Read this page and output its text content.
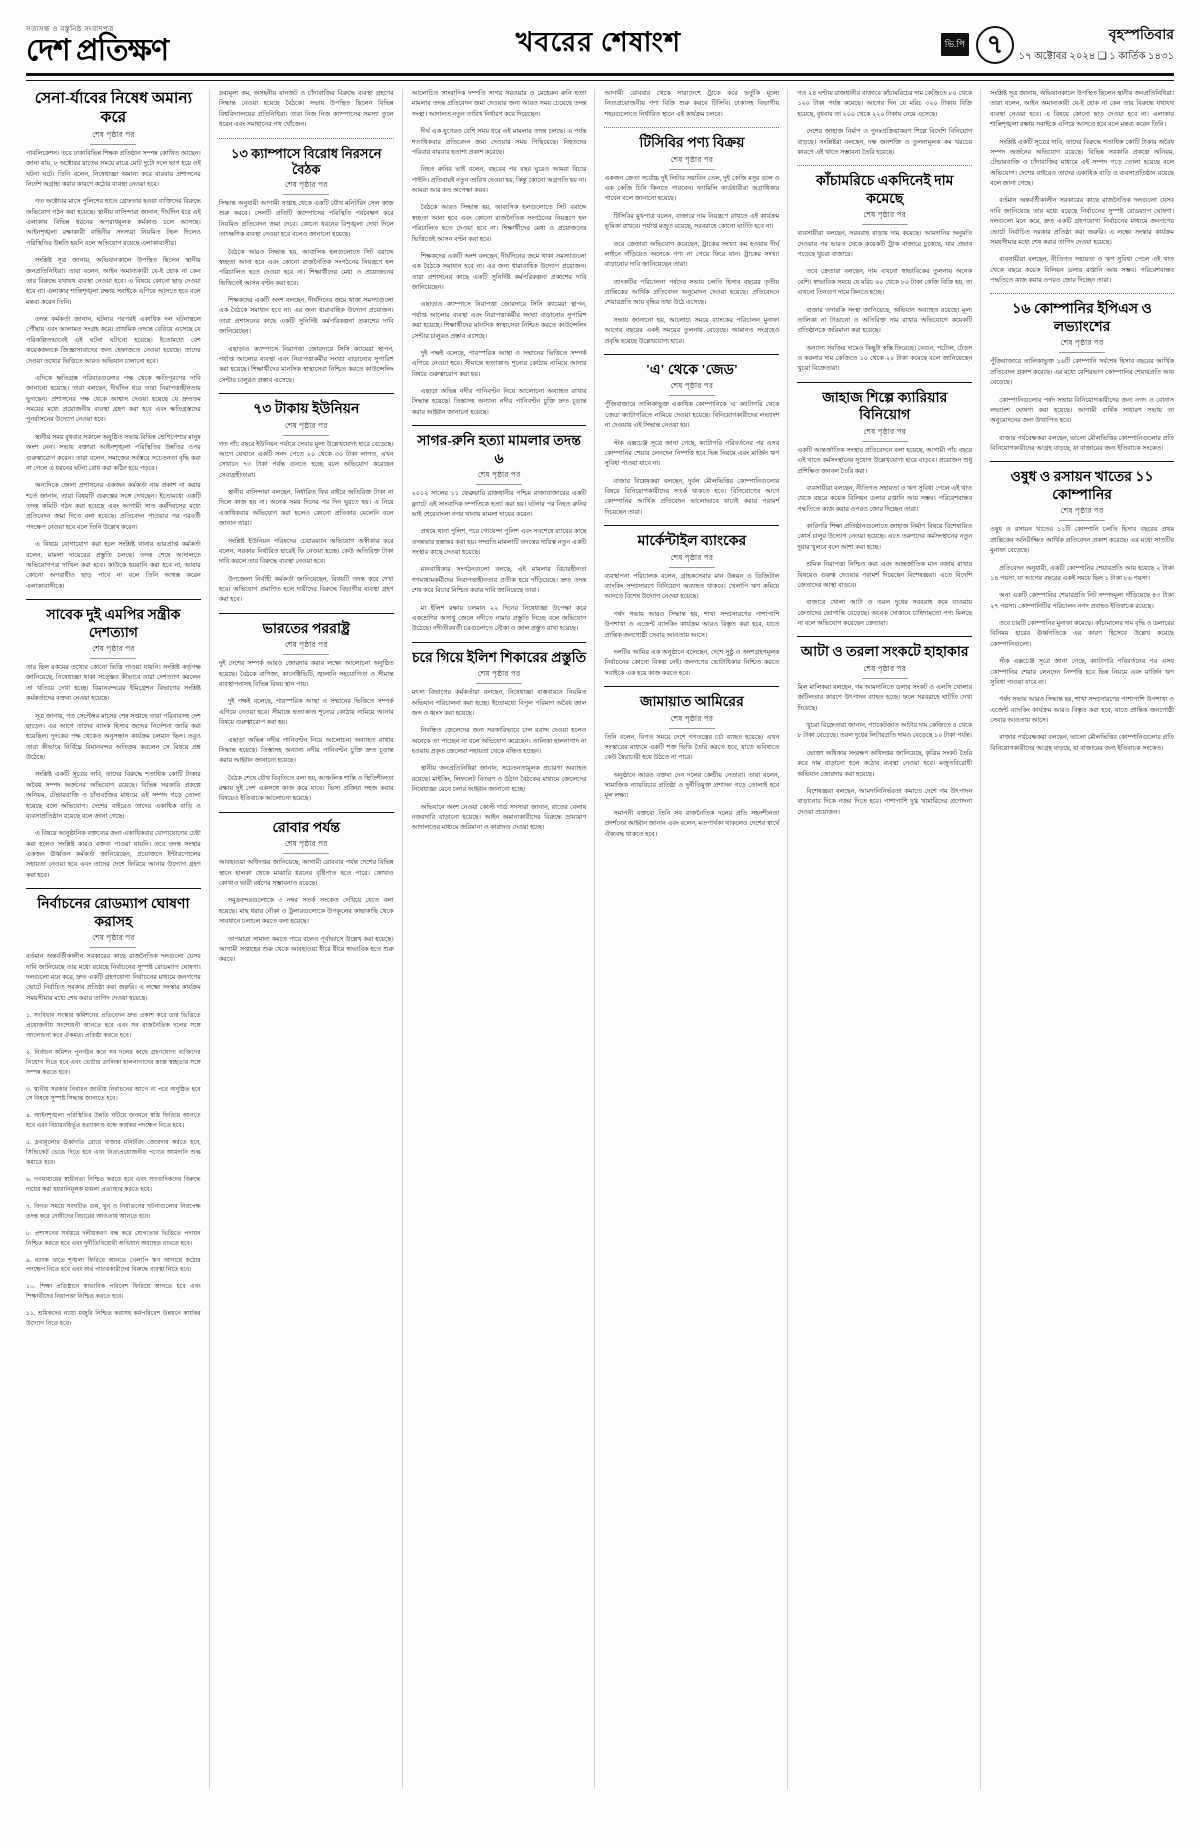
সত্যসন্ধ ও বস্তুনিষ্ঠ সংবাদপত্র
দেশ প্রতিক্ষণ	খবরের শেষাংশ	ভি.পি ৭	বৃহস্পতিবার
১৭ অক্টোবর ২০২৪ ❑ ১ কার্তিক ১৪৩১
সেনা-র্যাবের নিষেধ অমান্য করে
শেষ পৃষ্ঠার পর

পাবলিকেশন। তবে ঢাকাবিভিন্ন শিক্ষক প্রতিষ্ঠান সম্পন্ন কোথিত আছেন। জানা যায়, ৮ অক্টোবর রাতের সময়ে রাত্রে মোট দুটো দলে ভাগ হয়ে ওই ঘটনা ঘটে। তিনি বলেন, নিষেধাজ্ঞা অমান্য করে বারবার প্রশাসনের নির্দেশ অগ্রাহ্য করার কারণে কঠোর ব্যবস্থা নেওয়া হবে।

গত অক্টোবর মাসে পুলিশের হাতে গ্রেফতার হওয়া ব্যক্তিদের বিরুদ্ধে অভিযোগ গঠন করা হয়েছে। স্থানীয় বাসিন্দারা জানান, দীর্ঘদিন ধরে এই এলাকায় বিভিন্ন ধরনের অপরাধমূলক কর্মকাণ্ড চলে আসছে। আইনশৃঙ্খলা রক্ষাকারী বাহিনীর সদস্যরা নিয়মিত টহল দিলেও পরিস্থিতির উন্নতি হয়নি বলে অভিযোগ রয়েছে এলাকাবাসীর।

সংশ্লিষ্ট সূত্র জানায়, অভিযানকালে উপস্থিত ছিলেন স্থানীয় জনপ্রতিনিধিরা। তারা বলেন, আইন অমান্যকারী যে-ই হোক না কেন তার বিরুদ্ধে যথাযথ ব্যবস্থা নেওয়া হবে। এ বিষয়ে কোনো ছাড় দেওয়া হবে না। এলাকার শান্তিশৃঙ্খলা রক্ষায় সবাইকে এগিয়ে আসতে হবে বলে মন্তব্য করেন তিনি।

তদন্ত কর্মকর্তা জানান, ঘটনার পরপরই একাধিক দল ঘটনাস্থলে পৌঁছায় এবং আলামত সংগ্রহ করে। প্রাথমিক তদন্তে বেরিয়ে এসেছে যে পরিকল্পিতভাবেই এই ঘটনা ঘটানো হয়েছে। ইতোমধ্যে বেশ কয়েকজনকে জিজ্ঞাসাবাদের জন্য হেফাজতে নেওয়া হয়েছে। তাদের দেওয়া তথ্যের ভিত্তিতে আরও অভিযান চালানো হবে।

এদিকে ক্ষতিগ্রস্ত পরিবারগুলোর পক্ষ থেকে ক্ষতিপূরণের দাবি জানানো হয়েছে। তারা বলছেন, দীর্ঘদিন ধরে তারা নিরাপত্তাহীনতায় ভুগছেন। প্রশাসনের পক্ষ থেকে আশ্বাস দেওয়া হয়েছে যে দ্রুততম সময়ের মধ্যে প্রয়োজনীয় ব্যবস্থা গ্রহণ করা হবে এবং ক্ষতিগ্রস্তদের পুনর্বাসনের উদ্যোগ নেওয়া হবে।

স্থানীয় সময় বুধবার সকালে অনুষ্ঠিত সভায় বিভিন্ন শ্রেণিপেশার মানুষ অংশ নেন। সভায় বক্তারা আইনশৃঙ্খলা পরিস্থিতির উন্নতির ওপর গুরুত্বারোপ করেন। তারা বলেন, সমাজের সর্বস্তরে সচেতনতা বৃদ্ধি করা না গেলে এ ধরনের ঘটনা রোধ করা কঠিন হয়ে পড়বে।

অন্যদিকে জেলা প্রশাসনের একজন কর্মকর্তা নাম প্রকাশ না করার শর্তে জানান, তারা বিষয়টি গুরুত্বের সঙ্গে দেখছেন। ইতোমধ্যে একটি তদন্ত কমিটি গঠন করা হয়েছে এবং আগামী সাত কর্মদিবসের মধ্যে প্রতিবেদন জমা দিতে বলা হয়েছে। প্রতিবেদন পাওয়ার পর পরবর্তী পদক্ষেপ নেওয়া হবে বলে তিনি উল্লেখ করেন।

এ বিষয়ে যোগাযোগ করা হলে সংশ্লিষ্ট থানার ভারপ্রাপ্ত কর্মকর্তা বলেন, মামলা দায়েরের প্রস্তুতি চলছে। তদন্ত শেষে আদালতে অভিযোগপত্র দাখিল করা হবে। কাউকে হয়রানি করা হবে না, আবার কোনো অপরাধীও ছাড় পাবে না বলে তিনি আশ্বস্ত করেন এলাকাবাসীকে।

সাবেক দুই এমপির সন্ত্রীক দেশত্যাগ
শেষ পৃষ্ঠার পর

তার ছিল রকমের তথ্যের কোনো ভিত্তি পাওয়া যায়নি। সংশ্লিষ্ট কর্তৃপক্ষ জানিয়েছে, নিষেধাজ্ঞা থাকা সত্ত্বেও কীভাবে তারা দেশত্যাগ করলেন তা খতিয়ে দেখা হচ্ছে। বিমানবন্দরের ইমিগ্রেশন বিভাগের সংশ্লিষ্ট কর্মকর্তাদের বক্তব্য নেওয়া হয়েছে।

সূত্র জানায়, গত সেপ্টেম্বর মাসের শেষ সপ্তাহে তারা পরিবারসহ দেশ ছাড়েন। এর আগে তাদের ব্যাংক হিসাব জব্দের নির্দেশনা জারি করা হয়েছিল। দুদকের পক্ষ থেকেও অনুসন্ধান কার্যক্রম চলমান ছিল। তবুও তারা কীভাবে নির্বিঘ্নে বিমানবন্দর অতিক্রম করলেন সে বিষয়ে প্রশ্ন উঠেছে।

সংশ্লিষ্ট একটি সূত্রের দাবি, তাদের বিরুদ্ধে শতাধিক কোটি টাকার অবৈধ সম্পদ অর্জনের অভিযোগ রয়েছে। বিভিন্ন সরকারি প্রকল্পে অনিয়ম, টেন্ডারবাজি ও চাঁদাবাজির মাধ্যমে এই সম্পদ গড়ে তোলা হয়েছে বলে অভিযোগ। দেশের বাইরেও তাদের একাধিক বাড়ি ও ব্যবসাপ্রতিষ্ঠান রয়েছে বলে জানা গেছে।

এ বিষয়ে আনুষ্ঠানিক বক্তব্যের জন্য একাধিকবার যোগাযোগের চেষ্টা করা হলেও সংশ্লিষ্ট কারও বক্তব্য পাওয়া যায়নি। তবে তদন্ত সংস্থার একজন ঊর্ধ্বতন কর্মকর্তা জানিয়েছেন, প্রয়োজনে ইন্টারপোলের সহায়তা নেওয়া হবে এবং তাদের দেশে ফিরিয়ে আনার উদ্যোগ গ্রহণ করা হবে।

নির্বাচনের রোডম্যাপ ঘোষণা করাসহ
শেষ পৃষ্ঠার পর

বর্তমান অন্তর্বর্তীকালীন সরকারের কাছে রাজনৈতিক দলগুলো যেসব দাবি জানিয়েছে তার মধ্যে রয়েছে নির্বাচনের সুস্পষ্ট রোডম্যাপ ঘোষণা। দলগুলো মনে করে, দ্রুত একটি গ্রহণযোগ্য নির্বাচনের মাধ্যমে জনগণের ভোটে নির্বাচিত সরকার প্রতিষ্ঠা করা জরুরি। এ লক্ষ্যে সংস্কার কার্যক্রম সময়সীমার মধ্যে শেষ করার তাগিদ দেওয়া হয়েছে।

১. সংবিধান সংস্কার কমিশনের প্রতিবেদন দ্রুত প্রকাশ করে তার ভিত্তিতে প্রয়োজনীয় সংশোধনী আনতে হবে এবং সব রাজনৈতিক দলের সঙ্গে আলোচনা করে ঐকমত্য প্রতিষ্ঠা করতে হবে।

২. নির্বাচন কমিশন পুনর্গঠন করে সব দলের কাছে গ্রহণযোগ্য ব্যক্তিদের নিয়োগ দিতে হবে এবং ভোটার তালিকা হালনাগাদের কাজ স্বচ্ছতার সঙ্গে সম্পন্ন করতে হবে।

৩. স্থানীয় সরকার নির্বাচন জাতীয় নির্বাচনের আগে না পরে অনুষ্ঠিত হবে সে বিষয়ে সুস্পষ্ট সিদ্ধান্ত জানাতে হবে।

৪. আইনশৃঙ্খলা পরিস্থিতির উন্নতি ঘটিয়ে জনমনে স্বস্তি ফিরিয়ে আনতে হবে এবং বিচারবহির্ভূত হত্যাকাণ্ড বন্ধে কার্যকর পদক্ষেপ নিতে হবে।

৫. দ্রব্যমূল্যের ঊর্ধ্বগতি রোধে বাজার মনিটরিং জোরদার করতে হবে, সিন্ডিকেট ভেঙে দিতে হবে এবং নিত্যপ্রয়োজনীয় পণ্যের আমদানি শুল্ক কমাতে হবে।

৬. গণমাধ্যমের স্বাধীনতা নিশ্চিত করতে হবে এবং সাংবাদিকদের বিরুদ্ধে দায়ের করা হয়রানিমূলক মামলা প্রত্যাহার করতে হবে।

৭. বিগত সময়ে সংঘটিত গুম, খুন ও নির্যাতনের ঘটনাগুলোর নিরপেক্ষ তদন্ত করে দোষীদের বিচারের আওতায় আনতে হবে।

৮. প্রশাসনের সর্বস্তরে দলীয়করণ বন্ধ করে যোগ্যতার ভিত্তিতে পদায়ন নিশ্চিত করতে হবে এবং দুর্নীতিবিরোধী অভিযান অব্যাহত রাখতে হবে।

৯. ব্যাংক খাতে শৃঙ্খলা ফিরিয়ে আনতে খেলাপি ঋণ আদায়ে কঠোর পদক্ষেপ নিতে হবে এবং অর্থ পাচারকারীদের বিরুদ্ধে ব্যবস্থা নিতে হবে।

১০. শিক্ষা প্রতিষ্ঠানে স্বাভাবিক পরিবেশ ফিরিয়ে আনতে হবে এবং শিক্ষার্থীদের নিরাপত্তা নিশ্চিত করতে হবে।

১১. শ্রমিকদের ন্যায্য মজুরি নিশ্চিত করাসহ কর্মপরিবেশ উন্নয়নে কার্যকর উদ্যোগ নিতে হবে।

দ্রব্যমূল্য কম, অসহনীয় যানজট ও চাঁদাবাজির বিরুদ্ধে ব্যবস্থা গ্রহণের সিদ্ধান্ত নেওয়া হয়েছে বৈঠকে। সভায় উপস্থিত ছিলেন বিভিন্ন বিশ্ববিদ্যালয়ের প্রতিনিধিরা। তারা নিজ নিজ ক্যাম্পাসের সমস্যা তুলে ধরেন এবং সমাধানের পথ খোঁজেন।

১৩ ক্যাম্পাসে বিরোধ নিরসনে বৈঠক
শেষ পৃষ্ঠার পর

সিদ্ধান্ত অনুযায়ী আগামী সপ্তাহ থেকে একটি যৌথ মনিটরিং সেল কাজ শুরু করবে। সেলটি প্রতিটি ক্যাম্পাসের পরিস্থিতি পর্যবেক্ষণ করে নিয়মিত প্রতিবেদন জমা দেবে। কোনো ধরনের বিশৃঙ্খলা দেখা দিলে তাৎক্ষণিক ব্যবস্থা নেওয়া হবে বলেও জানানো হয়েছে।

বৈঠকে আরও সিদ্ধান্ত হয়, আবাসিক হলগুলোতে সিট বরাদ্দে স্বচ্ছতা আনা হবে এবং কোনো রাজনৈতিক সংগঠনের নিয়ন্ত্রণে হল পরিচালিত হতে দেওয়া হবে না। শিক্ষার্থীদের মেধা ও প্রয়োজনের ভিত্তিতেই আসন বণ্টন করা হবে।

শিক্ষকদের একটি অংশ বলছেন, দীর্ঘদিনের জমে থাকা সমস্যাগুলো এক বৈঠকে সমাধান হবে না। এর জন্য ধারাবাহিক উদ্যোগ প্রয়োজন। তারা প্রশাসনের কাছে একটি সুনির্দিষ্ট কর্মপরিকল্পনা প্রকাশের দাবি জানিয়েছেন।

এছাড়াও ক্যাম্পাসে নিরাপত্তা জোরদারে সিসি ক্যামেরা স্থাপন, পর্যাপ্ত আলোর ব্যবস্থা এবং নিরাপত্তাকর্মীর সংখ্যা বাড়ানোর সুপারিশ করা হয়েছে। শিক্ষার্থীদের মানসিক স্বাস্থ্যসেবা নিশ্চিত করতে কাউন্সেলিং সেন্টার চালুরও প্রস্তাব এসেছে।

৭৩ টাকায় ইউনিয়ন
শেষ পৃষ্ঠার পর

গত পাঁচ বছরে ইউনিয়ন পর্যায়ে সেবার মূল্য উল্লেখযোগ্য হারে বেড়েছে। আগে যেখানে একটি সনদ পেতে ২০ থেকে ৩০ টাকা লাগত, এখন সেখানে ৭৩ টাকা পর্যন্ত গুনতে হচ্ছে বলে অভিযোগ করেছেন সেবাগ্রহীতারা।

স্থানীয় বাসিন্দারা বলছেন, নির্ধারিত ফির বাইরে অতিরিক্ত টাকা না দিলে কাজ হয় না। অনেক সময় দিনের পর দিন ঘুরতে হয়। এ নিয়ে একাধিকবার অভিযোগ করা হলেও কোনো প্রতিকার মেলেনি বলে জানান তারা।

সংশ্লিষ্ট ইউনিয়ন পরিষদের চেয়ারম্যান অভিযোগ অস্বীকার করে বলেন, সরকার নির্ধারিত হারেই ফি নেওয়া হচ্ছে। কেউ অতিরিক্ত টাকা দাবি করলে তার বিরুদ্ধে ব্যবস্থা নেওয়া হবে।

উপজেলা নির্বাহী কর্মকর্তা জানিয়েছেন, বিষয়টি তদন্ত করে দেখা হবে। অভিযোগ প্রমাণিত হলে দায়ীদের বিরুদ্ধে বিভাগীয় ব্যবস্থা গ্রহণ করা হবে।

ভারতের পররাষ্ট্র
শেষ পৃষ্ঠার পর

দুই দেশের সম্পর্ক আরও জোরদার করার লক্ষ্যে আলোচনা অনুষ্ঠিত হয়েছে। বৈঠকে বাণিজ্য, কানেক্টিভিটি, জ্বালানি সহযোগিতা ও সীমান্ত ব্যবস্থাপনাসহ বিভিন্ন বিষয় স্থান পায়।

দুই পক্ষই বলেছে, পারস্পরিক আস্থা ও সম্মানের ভিত্তিতে সম্পর্ক এগিয়ে নেওয়া হবে। সীমান্তে হত্যাকাণ্ড শূন্যের কোঠায় নামিয়ে আনার বিষয়ে গুরুত্বারোপ করা হয়।

এছাড়া অভিন্ন নদীর পানিবণ্টন নিয়ে আলোচনা অব্যাহত রাখার সিদ্ধান্ত হয়েছে। তিস্তাসহ অন্যান্য নদীর পানিবণ্টন চুক্তি দ্রুত চূড়ান্ত করার আহ্বান জানানো হয়েছে।

বৈঠক শেষে যৌথ বিবৃতিতে বলা হয়, আঞ্চলিক শান্তি ও স্থিতিশীলতা রক্ষায় দুই দেশ একসঙ্গে কাজ করে যাবে। ভিসা প্রক্রিয়া সহজ করার বিষয়েও ইতিবাচক আলোচনা হয়েছে।

রোবার পর্যন্ত
শেষ পৃষ্ঠার পর

আবহাওয়া অধিদপ্তর জানিয়েছে, আগামী রোববার পর্যন্ত দেশের বিভিন্ন স্থানে হালকা থেকে মাঝারি ধরনের বৃষ্টিপাত হতে পারে। কোথাও কোথাও ভারী বর্ষণের সম্ভাবনাও রয়েছে।

সমুদ্রবন্দরগুলোকে ৩ নম্বর সতর্ক সংকেত দেখিয়ে যেতে বলা হয়েছে। মাছ ধরার নৌকা ও ট্রলারগুলোকে উপকূলের কাছাকাছি থেকে সাবধানে চলাচল করতে বলা হয়েছে।

তাপমাত্রা সামান্য কমতে পারে বলেও পূর্বাভাসে উল্লেখ করা হয়েছে। আগামী সপ্তাহের শুরু থেকে আবহাওয়া ধীরে ধীরে স্বাভাবিক হতে শুরু করবে।

আলোচিত সাংবাদিক দম্পতি সাগর সরওয়ার ও মেহেরুন রুনি হত্যা মামলার তদন্ত প্রতিবেদন জমা দেওয়ার জন্য আরও সময় চেয়েছে তদন্ত সংস্থা। আদালত নতুন তারিখ নির্ধারণ করে দিয়েছেন।

দীর্ঘ এক যুগেরও বেশি সময় ধরে এই মামলার তদন্ত চলছে। এ পর্যন্ত শতাধিকবার প্রতিবেদন জমা দেওয়ার সময় পিছিয়েছে। নিহতদের পরিবার বারবার হতাশা প্রকাশ করেছে।

নিহত রুনির ভাই বলেন, বছরের পর বছর ঘুরেও আমরা বিচার পাইনি। প্রতিবারই নতুন তারিখ দেওয়া হয়, কিন্তু কোনো অগ্রগতি হয় না। আমরা আর কত অপেক্ষা করব।

বৈঠকে আরও সিদ্ধান্ত হয়, আবাসিক হলগুলোতে সিট বরাদ্দে স্বচ্ছতা আনা হবে এবং কোনো রাজনৈতিক সংগঠনের নিয়ন্ত্রণে হল পরিচালিত হতে দেওয়া হবে না। শিক্ষার্থীদের মেধা ও প্রয়োজনের ভিত্তিতেই আসন বণ্টন করা হবে।

শিক্ষকদের একটি অংশ বলছেন, দীর্ঘদিনের জমে থাকা সমস্যাগুলো এক বৈঠকে সমাধান হবে না। এর জন্য ধারাবাহিক উদ্যোগ প্রয়োজন। তারা প্রশাসনের কাছে একটি সুনির্দিষ্ট কর্মপরিকল্পনা প্রকাশের দাবি জানিয়েছেন।

এছাড়াও ক্যাম্পাসে নিরাপত্তা জোরদারে সিসি ক্যামেরা স্থাপন, পর্যাপ্ত আলোর ব্যবস্থা এবং নিরাপত্তাকর্মীর সংখ্যা বাড়ানোর সুপারিশ করা হয়েছে। শিক্ষার্থীদের মানসিক স্বাস্থ্যসেবা নিশ্চিত করতে কাউন্সেলিং সেন্টার চালুরও প্রস্তাব এসেছে।

দুই পক্ষই বলেছে, পারস্পরিক আস্থা ও সম্মানের ভিত্তিতে সম্পর্ক এগিয়ে নেওয়া হবে। সীমান্তে হত্যাকাণ্ড শূন্যের কোঠায় নামিয়ে আনার বিষয়ে গুরুত্বারোপ করা হয়।

এছাড়া অভিন্ন নদীর পানিবণ্টন নিয়ে আলোচনা অব্যাহত রাখার সিদ্ধান্ত হয়েছে। তিস্তাসহ অন্যান্য নদীর পানিবণ্টন চুক্তি দ্রুত চূড়ান্ত করার আহ্বান জানানো হয়েছে।

সাগর-রুনি হত্যা মামলার তদন্ত ৬
শেষ পৃষ্ঠার পর

২০১২ সালের ১১ ফেব্রুয়ারি রাজধানীর পশ্চিম রাজাবাজারের একটি ফ্ল্যাটে এই সাংবাদিক দম্পতিকে হত্যা করা হয়। ঘটনার পর নিহত রুনির ভাই শেরেবাংলা নগর থানায় মামলা দায়ের করেন।

প্রথমে থানা পুলিশ, পরে গোয়েন্দা পুলিশ এবং সবশেষে র‍্যাবের কাছে তদন্তভার হস্তান্তর করা হয়। সম্প্রতি মামলাটি তদন্তের দায়িত্ব নতুন একটি সংস্থার কাছে দেওয়া হয়েছে।

মানবাধিকার সংগঠনগুলো বলছে, এই মামলার বিচারহীনতা গণমাধ্যমকর্মীদের নিরাপত্তাহীনতার প্রতীক হয়ে দাঁড়িয়েছে। দ্রুত তদন্ত শেষ করে বিচার নিশ্চিত করার দাবি জানিয়েছে তারা।

মা ইলিশ রক্ষায় চলমান ২২ দিনের নিষেধাজ্ঞা উপেক্ষা করে একশ্রেণির অসাধু জেলে নদীতে নামার প্রস্তুতি নিচ্ছে বলে অভিযোগ উঠেছে। নদীতীরবর্তী চরগুলোতে নৌকা ও জাল প্রস্তুত রাখা হয়েছে।

চরে গিয়ে ইলিশ শিকারের প্রস্তুতি
শেষ পৃষ্ঠার পর

মৎস্য বিভাগের কর্মকর্তারা বলছেন, নিষেধাজ্ঞা বাস্তবায়নে নিয়মিত অভিযান পরিচালনা করা হচ্ছে। ইতোমধ্যে বিপুল পরিমাণ অবৈধ জাল জব্দ ও ধ্বংস করা হয়েছে।

নিবন্ধিত জেলেদের জন্য সরকারিভাবে চাল বরাদ্দ দেওয়া হলেও অনেকে তা পাচ্ছেন না বলে অভিযোগ করেছেন। তালিকা হালনাগাদ না হওয়ায় প্রকৃত জেলেরা সহায়তা থেকে বঞ্চিত হচ্ছেন।

স্থানীয় জনপ্রতিনিধিরা জানান, সচেতনতামূলক প্রচারণা অব্যাহত রয়েছে। মাইকিং, লিফলেট বিতরণ ও উঠান বৈঠকের মাধ্যমে জেলেদের নিষেধাজ্ঞা মেনে চলার আহ্বান জানানো হচ্ছে।

অভিযানে অংশ নেওয়া কোস্ট গার্ড সদস্যরা জানান, রাতের বেলায় নজরদারি বাড়ানো হয়েছে। আইন অমান্যকারীদের বিরুদ্ধে ভ্রাম্যমাণ আদালতের মাধ্যমে জরিমানা ও কারাদণ্ড দেওয়া হচ্ছে।

আগামী রোববার থেকে সারাদেশে ট্রাকে করে ভর্তুকি মূল্যে নিত্যপ্রয়োজনীয় পণ্য বিক্রি শুরু করবে টিসিবি। ঢাকাসহ বিভাগীয় শহরগুলোতে নির্ধারিত স্থানে এই কার্যক্রম চলবে।

টিসিবির পণ্য বিক্রয়
শেষ পৃষ্ঠার পর

একজন ক্রেতা সর্বোচ্চ দুই লিটার সয়াবিন তেল, দুই কেজি মসুর ডাল ও এক কেজি চিনি কিনতে পারবেন। ফ্যামিলি কার্ডধারীরা অগ্রাধিকার পাবেন বলে জানানো হয়েছে।

টিসিবির মুখপাত্র বলেন, বাজারে দাম নিয়ন্ত্রণে রাখতে এই কার্যক্রম ভূমিকা রাখবে। পর্যাপ্ত মজুত রয়েছে, সরবরাহে কোনো ঘাটতি হবে না।

তবে ক্রেতারা অভিযোগ করেছেন, ট্রাকের সংখ্যা কম হওয়ায় দীর্ঘ লাইনে দাঁড়িয়েও অনেকে পণ্য না পেয়ে ফিরে যান। ট্রাকের সংখ্যা বাড়ানোর দাবি জানিয়েছেন তারা।

ব্যাংকটির পরিচালনা পর্ষদের সভায় চলতি হিসাব বছরের তৃতীয় প্রান্তিকের আর্থিক প্রতিবেদন অনুমোদন দেওয়া হয়েছে। প্রতিবেদনে শেয়ারপ্রতি আয় বৃদ্ধির তথ্য উঠে এসেছে।

সভায় জানানো হয়, আলোচ্য সময়ে ব্যাংকের পরিচালন মুনাফা আগের বছরের একই সময়ের তুলনায় বেড়েছে। আমানত সংগ্রহেও প্রবৃদ্ধি হয়েছে উল্লেখযোগ্য হারে।

'এ' থেকে 'জেড'
শেষ পৃষ্ঠার পর

পুঁজিবাজারে তালিকাভুক্ত একাধিক কোম্পানিকে 'এ' ক্যাটাগরি থেকে 'জেড' ক্যাটাগরিতে নামিয়ে দেওয়া হয়েছে। বিনিয়োগকারীদের লভ্যাংশ না দেওয়ায় এই সিদ্ধান্ত নেওয়া হয়।

স্টক এক্সচেঞ্জ সূত্রে জানা গেছে, ক্যাটাগরি পরিবর্তনের পর এসব কোম্পানির শেয়ার লেনদেন নিষ্পত্তি হবে ভিন্ন নিয়মে এবং মার্জিন ঋণ সুবিধা পাওয়া যাবে না।

বাজার বিশ্লেষকরা বলছেন, দুর্বল মৌলভিত্তির কোম্পানিগুলোর বিষয়ে বিনিয়োগকারীদের সতর্ক থাকতে হবে। বিনিয়োগের আগে কোম্পানির আর্থিক প্রতিবেদন ভালোভাবে যাচাই করার পরামর্শ দিয়েছেন তারা।

মার্কেন্টাইল ব্যাংকের
শেষ পৃষ্ঠার পর

ব্যবস্থাপনা পরিচালক বলেন, গ্রাহকসেবার মান উন্নয়ন ও ডিজিটাল ব্যাংকিং সম্প্রসারণে বিনিয়োগ অব্যাহত থাকবে। খেলাপি ঋণ কমিয়ে আনতে বিশেষ উদ্যোগ নেওয়া হয়েছে।

পর্ষদ সভায় আরও সিদ্ধান্ত হয়, শাখা সম্প্রসারণের পাশাপাশি উপশাখা ও এজেন্ট ব্যাংকিং কার্যক্রম আরও বিস্তৃত করা হবে, যাতে প্রান্তিক জনগোষ্ঠী সেবার আওতায় আসে।

দলটির আমির এক অনুষ্ঠানে বলেছেন, দেশে সুষ্ঠু ও অংশগ্রহণমূলক নির্বাচনের কোনো বিকল্প নেই। জনগণের ভোটাধিকার নিশ্চিত করতে সবাইকে এক হয়ে কাজ করতে হবে।

জামায়াত আমিরের
শেষ পৃষ্ঠার পর

তিনি বলেন, বিগত সময়ে দেশে গণতন্ত্রের চর্চা ব্যাহত হয়েছে। এখন সংস্কারের মাধ্যমে একটি শক্ত ভিত্তি তৈরি করতে হবে, যাতে ভবিষ্যতে কেউ স্বৈরাচারী হয়ে উঠতে না পারে।

অনুষ্ঠানে আরও বক্তব্য দেন দলের কেন্দ্রীয় নেতারা। তারা বলেন, সামাজিক ন্যায়বিচার প্রতিষ্ঠা ও দুর্নীতিমুক্ত প্রশাসন গড়ে তোলাই হবে মূল লক্ষ্য।

সমাপনী বক্তব্যে তিনি সব রাজনৈতিক দলের প্রতি সহনশীলতা প্রদর্শনের আহ্বান জানান এবং বলেন, মতপার্থক্য থাকলেও দেশের স্বার্থে ঐক্যবদ্ধ থাকতে হবে।

গত ২৪ ঘণ্টায় রাজধানীর বাজারে কাঁচামরিচের দাম কেজিতে ৮০ থেকে ১২০ টাকা পর্যন্ত কমেছে। আগের দিন যে মরিচ ৩২০ টাকায় বিক্রি হয়েছে, বুধবার তা ২০০ থেকে ২২০ টাকায় নেমে এসেছে।

দেশের জাহাজ নির্মাণ ও পুনঃপ্রক্রিয়াকরণ শিল্পে বিদেশি বিনিয়োগ বাড়ছে। সংশ্লিষ্টরা বলছেন, দক্ষ জনশক্তি ও তুলনামূলক কম খরচের কারণে এই খাতে সম্ভাবনা তৈরি হয়েছে।

কাঁচামরিচে একদিনেই দাম কমেছে
শেষ পৃষ্ঠার পর

ব্যবসায়ীরা বলছেন, সরবরাহ বাড়ায় দাম কমেছে। আমদানির অনুমতি দেওয়ার পর ভারত থেকে কয়েকটি ট্রাক বাজারে ঢুকেছে, যার প্রভাব পড়েছে খুচরা বাজারে।

তবে ক্রেতারা বলছেন, দাম এখনো স্বাভাবিকের তুলনায় অনেক বেশি। স্বাভাবিক সময়ে যে মরিচ ৬০ থেকে ৮০ টাকা কেজি বিক্রি হয়, তা এখনো তিনগুণ দামে কিনতে হচ্ছে।

বাজার তদারকি সংস্থা জানিয়েছে, অভিযান অব্যাহত রয়েছে। মূল্য তালিকা না টাঙানো ও অতিরিক্ত দাম রাখার অভিযোগে কয়েকটি প্রতিষ্ঠানকে জরিমানা করা হয়েছে।

অন্যান্য সবজির দামেও কিছুটা স্বস্তি ফিরেছে। বেগুন, পটোল, ঢেঁড়স ও করলার দাম কেজিতে ১০ থেকে ২০ টাকা কমেছে বলে জানিয়েছেন খুচরা বিক্রেতারা।

জাহাজ শিল্পে ক্যারিয়ার বিনিয়োগ
শেষ পৃষ্ঠার পর

একটি আন্তর্জাতিক সংস্থার প্রতিবেদনে বলা হয়েছে, আগামী পাঁচ বছরে এই খাতে কর্মসংস্থানের সুযোগ উল্লেখযোগ্য হারে বাড়বে। প্রয়োজন শুধু প্রশিক্ষিত জনবল তৈরি করা।

ব্যবসায়ীরা বলছেন, নীতিগত সহায়তা ও ঋণ সুবিধা পেলে এই খাত থেকে বছরে কয়েক বিলিয়ন ডলার রপ্তানি আয় সম্ভব। পরিবেশবান্ধব পদ্ধতিতে কাজ করার ওপরও জোর দিচ্ছেন তারা।

কারিগরি শিক্ষা প্রতিষ্ঠানগুলোতে জাহাজ নির্মাণ বিষয়ে বিশেষায়িত কোর্স চালুর উদ্যোগ নেওয়া হয়েছে। এতে তরুণদের কর্মসংস্থানের নতুন দুয়ার খুলবে বলে আশা করা হচ্ছে।

শ্রমিক নিরাপত্তা নিশ্চিত করা এবং আন্তর্জাতিক মান বজায় রাখার বিষয়েও গুরুত্ব দেওয়ার পরামর্শ দিয়েছেন বিশেষজ্ঞরা। এতে বিদেশি ক্রেতাদের আস্থা বাড়বে।

বাজারে খোলা আটা ও তরল দুধের সরবরাহ কমে যাওয়ায় ক্রেতাদের ভোগান্তি বেড়েছে। অনেক দোকানে চাহিদামতো পণ্য মিলছে না বলে অভিযোগ করেছেন ক্রেতারা।

আটা ও তরলা সংকটে হাহাকার
শেষ পৃষ্ঠার পর

মিল মালিকরা বলছেন, গম আমদানিতে ডলার সংকট ও এলসি খোলার জটিলতার কারণে উৎপাদন ব্যাহত হচ্ছে। ফলে সরবরাহে ঘাটতি দেখা দিয়েছে।

খুচরা বিক্রেতারা জানান, প্যাকেটজাত আটার দাম কেজিতে ৫ থেকে ৮ টাকা বেড়েছে। তরল দুধের লিটারপ্রতি দামও বেড়েছে ১০ টাকা পর্যন্ত।

ভোক্তা অধিকার সংরক্ষণ অধিদপ্তর জানিয়েছে, কৃত্রিম সংকট তৈরি করে দাম বাড়ানো হলে কঠোর ব্যবস্থা নেওয়া হবে। মজুতবিরোধী অভিযান জোরদার করা হয়েছে।

বিশেষজ্ঞরা বলছেন, আমদানিনির্ভরতা কমাতে দেশে গম উৎপাদন বাড়ানোর দিকে নজর দিতে হবে। পাশাপাশি দুগ্ধ খামারিদের প্রণোদনা দেওয়া প্রয়োজন।

সংশ্লিষ্ট সূত্র জানায়, অভিযানকালে উপস্থিত ছিলেন স্থানীয় জনপ্রতিনিধিরা। তারা বলেন, আইন অমান্যকারী যে-ই হোক না কেন তার বিরুদ্ধে যথাযথ ব্যবস্থা নেওয়া হবে। এ বিষয়ে কোনো ছাড় দেওয়া হবে না। এলাকার শান্তিশৃঙ্খলা রক্ষায় সবাইকে এগিয়ে আসতে হবে বলে মন্তব্য করেন তিনি।

সংশ্লিষ্ট একটি সূত্রের দাবি, তাদের বিরুদ্ধে শতাধিক কোটি টাকার অবৈধ সম্পদ অর্জনের অভিযোগ রয়েছে। বিভিন্ন সরকারি প্রকল্পে অনিয়ম, টেন্ডারবাজি ও চাঁদাবাজির মাধ্যমে এই সম্পদ গড়ে তোলা হয়েছে বলে অভিযোগ। দেশের বাইরেও তাদের একাধিক বাড়ি ও ব্যবসাপ্রতিষ্ঠান রয়েছে বলে জানা গেছে।

বর্তমান অন্তর্বর্তীকালীন সরকারের কাছে রাজনৈতিক দলগুলো যেসব দাবি জানিয়েছে তার মধ্যে রয়েছে নির্বাচনের সুস্পষ্ট রোডম্যাপ ঘোষণা। দলগুলো মনে করে, দ্রুত একটি গ্রহণযোগ্য নির্বাচনের মাধ্যমে জনগণের ভোটে নির্বাচিত সরকার প্রতিষ্ঠা করা জরুরি। এ লক্ষ্যে সংস্কার কার্যক্রম সময়সীমার মধ্যে শেষ করার তাগিদ দেওয়া হয়েছে।

ব্যবসায়ীরা বলছেন, নীতিগত সহায়তা ও ঋণ সুবিধা পেলে এই খাত থেকে বছরে কয়েক বিলিয়ন ডলার রপ্তানি আয় সম্ভব। পরিবেশবান্ধব পদ্ধতিতে কাজ করার ওপরও জোর দিচ্ছেন তারা।

১৬ কোম্পানির ইপিএস ও লভ্যাংশের
শেষ পৃষ্ঠার পর

পুঁজিবাজারে তালিকাভুক্ত ১৬টি কোম্পানি সর্বশেষ হিসাব বছরের আর্থিক প্রতিবেদন প্রকাশ করেছে। এর মধ্যে বেশিরভাগ কোম্পানির শেয়ারপ্রতি আয় বেড়েছে।

কোম্পানিগুলোর পর্ষদ সভায় বিনিয়োগকারীদের জন্য নগদ ও বোনাস লভ্যাংশ ঘোষণা করা হয়েছে। আগামী বার্ষিক সাধারণ সভায় তা অনুমোদনের জন্য উত্থাপিত হবে।

বাজার পর্যবেক্ষকরা বলছেন, ভালো মৌলভিত্তির কোম্পানিগুলোর প্রতি বিনিয়োগকারীদের আগ্রহ বাড়ছে, যা বাজারের জন্য ইতিবাচক সংকেত।

ওষুধ ও রসায়ন খাতের ১১ কোম্পানির
শেষ পৃষ্ঠার পর

ওষুধ ও রসায়ন খাতের ১১টি কোম্পানি চলতি হিসাব বছরের প্রথম প্রান্তিকের অনিরীক্ষিত আর্থিক প্রতিবেদন প্রকাশ করেছে। এর মধ্যে সাতটির মুনাফা বেড়েছে।

প্রতিবেদন অনুযায়ী, একটি কোম্পানির শেয়ারপ্রতি আয় হয়েছে ২ টাকা ১৪ পয়সা, যা আগের বছরের একই সময়ে ছিল ১ টাকা ৮৬ পয়সা।

অন্য একটি কোম্পানির শেয়ারপ্রতি নিট সম্পদমূল্য দাঁড়িয়েছে ৪৩ টাকা ২৭ পয়সা। কোম্পানিটির পরিচালন নগদ প্রবাহও ইতিবাচক রয়েছে।

তবে চারটি কোম্পানির মুনাফা কমেছে। কাঁচামালের দাম বৃদ্ধি ও ডলারের বিনিময় হারের ঊর্ধ্বগতিকে এর কারণ হিসেবে উল্লেখ করেছে কোম্পানিগুলো।

স্টক এক্সচেঞ্জ সূত্রে জানা গেছে, ক্যাটাগরি পরিবর্তনের পর এসব কোম্পানির শেয়ার লেনদেন নিষ্পত্তি হবে ভিন্ন নিয়মে এবং মার্জিন ঋণ সুবিধা পাওয়া যাবে না।

পর্ষদ সভায় আরও সিদ্ধান্ত হয়, শাখা সম্প্রসারণের পাশাপাশি উপশাখা ও এজেন্ট ব্যাংকিং কার্যক্রম আরও বিস্তৃত করা হবে, যাতে প্রান্তিক জনগোষ্ঠী সেবার আওতায় আসে।

বাজার পর্যবেক্ষকরা বলছেন, ভালো মৌলভিত্তির কোম্পানিগুলোর প্রতি বিনিয়োগকারীদের আগ্রহ বাড়ছে, যা বাজারের জন্য ইতিবাচক সংকেত।
